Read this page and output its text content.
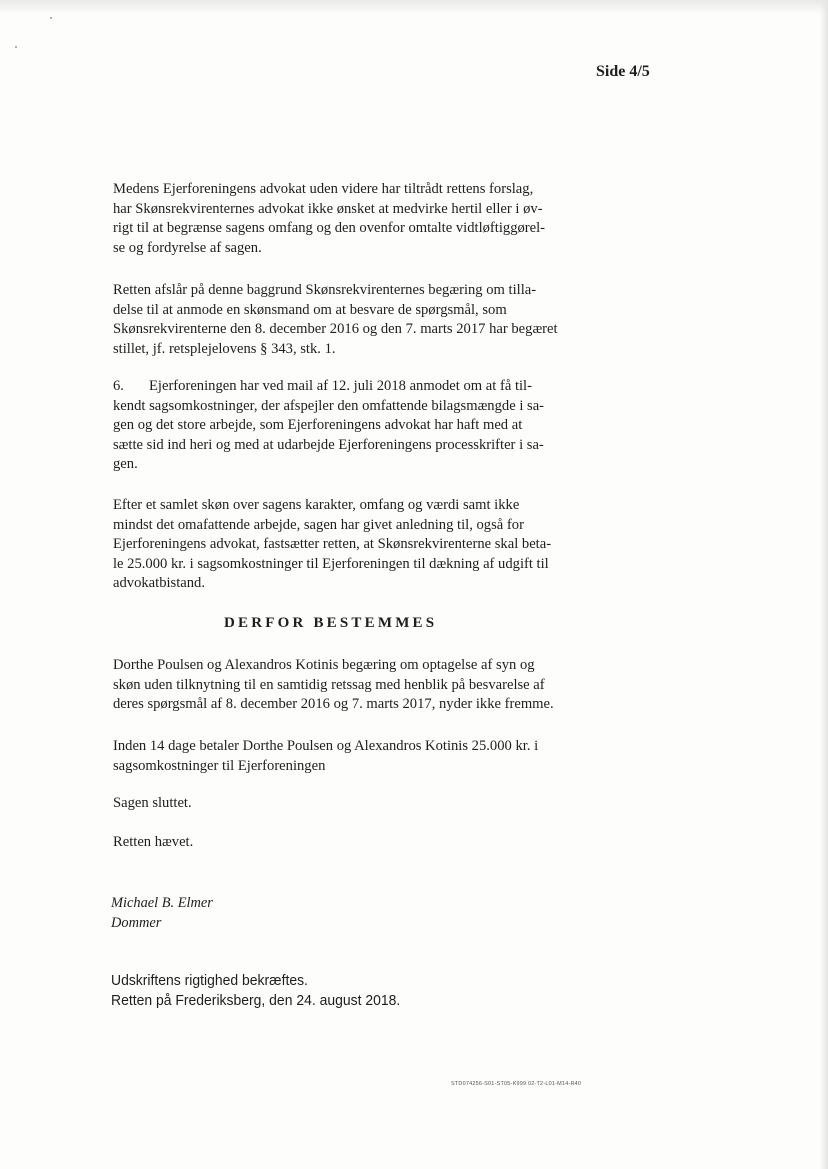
Side 4/5

Medens Ejerforeningens advokat uden videre har tiltrådt rettens forslag,
har Skønsrekvirenternes advokat ikke ønsket at medvirke hertil eller i øv-
rigt til at begrænse sagens omfang og den ovenfor omtalte vidtløftiggørel-
se og fordyrelse af sagen.

Retten afslår på denne baggrund Skønsrekvirenternes begæring om tilla-
delse til at anmode en skønsmand om at besvare de spørgsmål, som
Skønsrekvirenterne den 8. december 2016 og den 7. marts 2017 har begæret
stillet, jf. retsplejelovens § 343, stk. 1.

6. Ejerforeningen har ved mail af 12. juli 2018 anmodet om at få til-
kendt sagsomkostninger, der afspejler den omfattende bilagsmængde i sa-
gen og det store arbejde, som Ejerforeningens advokat har haft med at
sætte sid ind heri og med at udarbejde Ejerforeningens processkrifter i sa-
gen.

Efter et samlet skøn over sagens karakter, omfang og værdi samt ikke
mindst det omafattende arbejde, sagen har givet anledning til, også for
Ejerforeningens advokat, fastsætter retten, at Skønsrekvirenterne skal beta-
le 25.000 kr. i sagsomkostninger til Ejerforeningen til dækning af udgift til
advokatbistand.

DERFOR BESTEMMES

Dorthe Poulsen og Alexandros Kotinis begæring om optagelse af syn og
skøn uden tilknytning til en samtidig retssag med henblik på besvarelse af
deres spørgsmål af 8. december 2016 og 7. marts 2017, nyder ikke fremme.

Inden 14 dage betaler Dorthe Poulsen og Alexandros Kotinis 25.000 kr. i
sagsomkostninger til Ejerforeningen

Sagen sluttet.

Retten hævet.

Michael B. Elmer
Dommer
Udskriftens rigtighed bekræftes.
Retten på Frederiksberg, den 24. august 2018.
STD074256-S01-ST05-K999 02-T2-L01-M14-R40
